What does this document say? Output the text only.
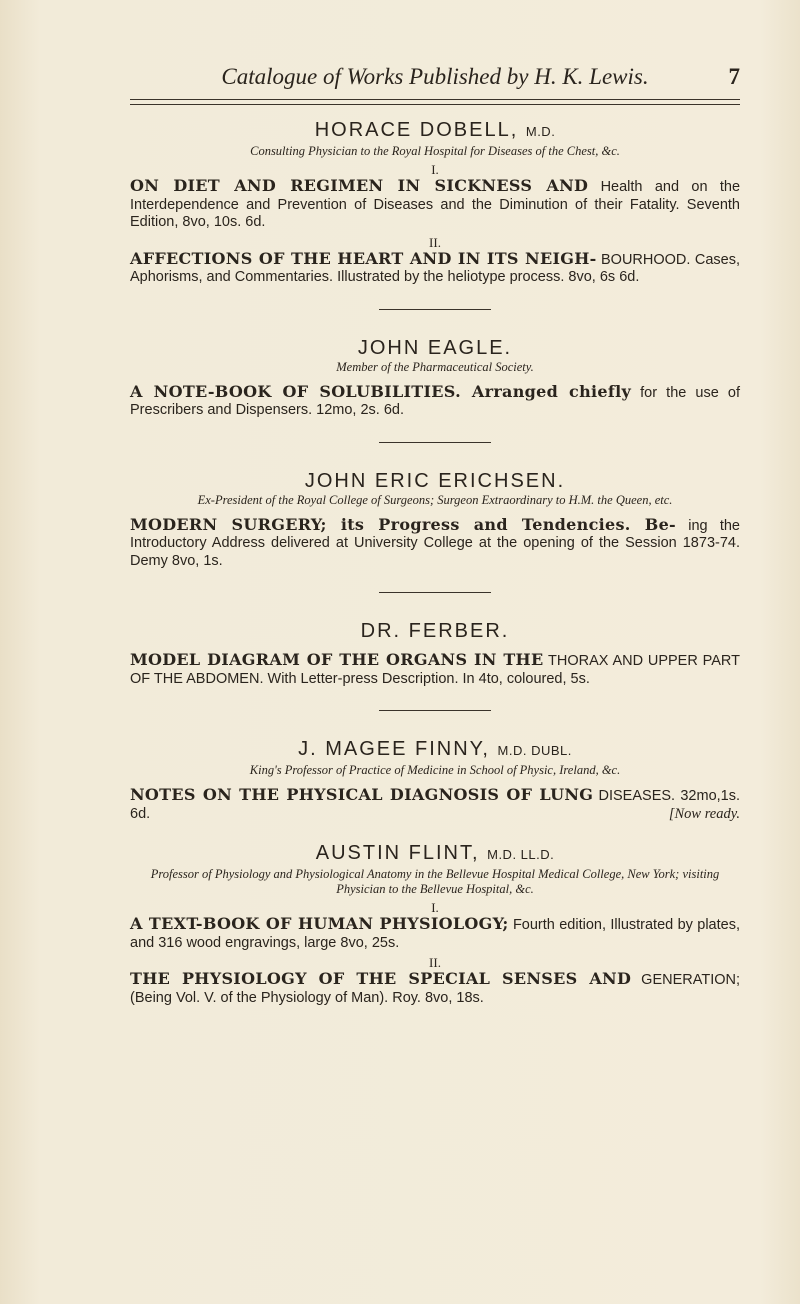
Catalogue of Works Published by H. K. Lewis.	7
HORACE DOBELL, M.D.
Consulting Physician to the Royal Hospital for Diseases of the Chest, &c.
I.
ON DIET AND REGIMEN IN SICKNESS AND Health and on the Interdependence and Prevention of Diseases and the Diminution of their Fatality. Seventh Edition, 8vo, 10s. 6d.
II.
AFFECTIONS OF THE HEART AND IN ITS NEIGH- BOURHOOD. Cases, Aphorisms, and Commentaries. Illustrated by the heliotype process. 8vo, 6s 6d.
JOHN EAGLE.
Member of the Pharmaceutical Society.
A NOTE-BOOK OF SOLUBILITIES. Arranged chiefly for the use of Prescribers and Dispensers. 12mo, 2s. 6d.
JOHN ERIC ERICHSEN.
Ex-President of the Royal College of Surgeons; Surgeon Extraordinary to H.M. the Queen, etc.
MODERN SURGERY; its Progress and Tendencies. Be- ing the Introductory Address delivered at University College at the opening of the Session 1873-74. Demy 8vo, 1s.
DR. FERBER.
MODEL DIAGRAM OF THE ORGANS IN THE THORAX AND UPPER PART OF THE ABDOMEN. With Letter-press Description. In 4to, coloured, 5s.
J. MAGEE FINNY, M.D. DUBL.
King's Professor of Practice of Medicine in School of Physic, Ireland, &c.
NOTES ON THE PHYSICAL DIAGNOSIS OF LUNG DISEASES. 32mo,1s. 6d.	[Now ready.
AUSTIN FLINT, M.D. LL.D.
Professor of Physiology and Physiological Anatomy in the Bellevue Hospital Medical College, New York; visiting Physician to the Bellevue Hospital, &c.
I.
A TEXT-BOOK OF HUMAN PHYSIOLOGY; Fourth edition, Illustrated by plates, and 316 wood engravings, large 8vo, 25s.
II.
THE PHYSIOLOGY OF THE SPECIAL SENSES AND GENERATION; (Being Vol. V. of the Physiology of Man). Roy. 8vo, 18s.
